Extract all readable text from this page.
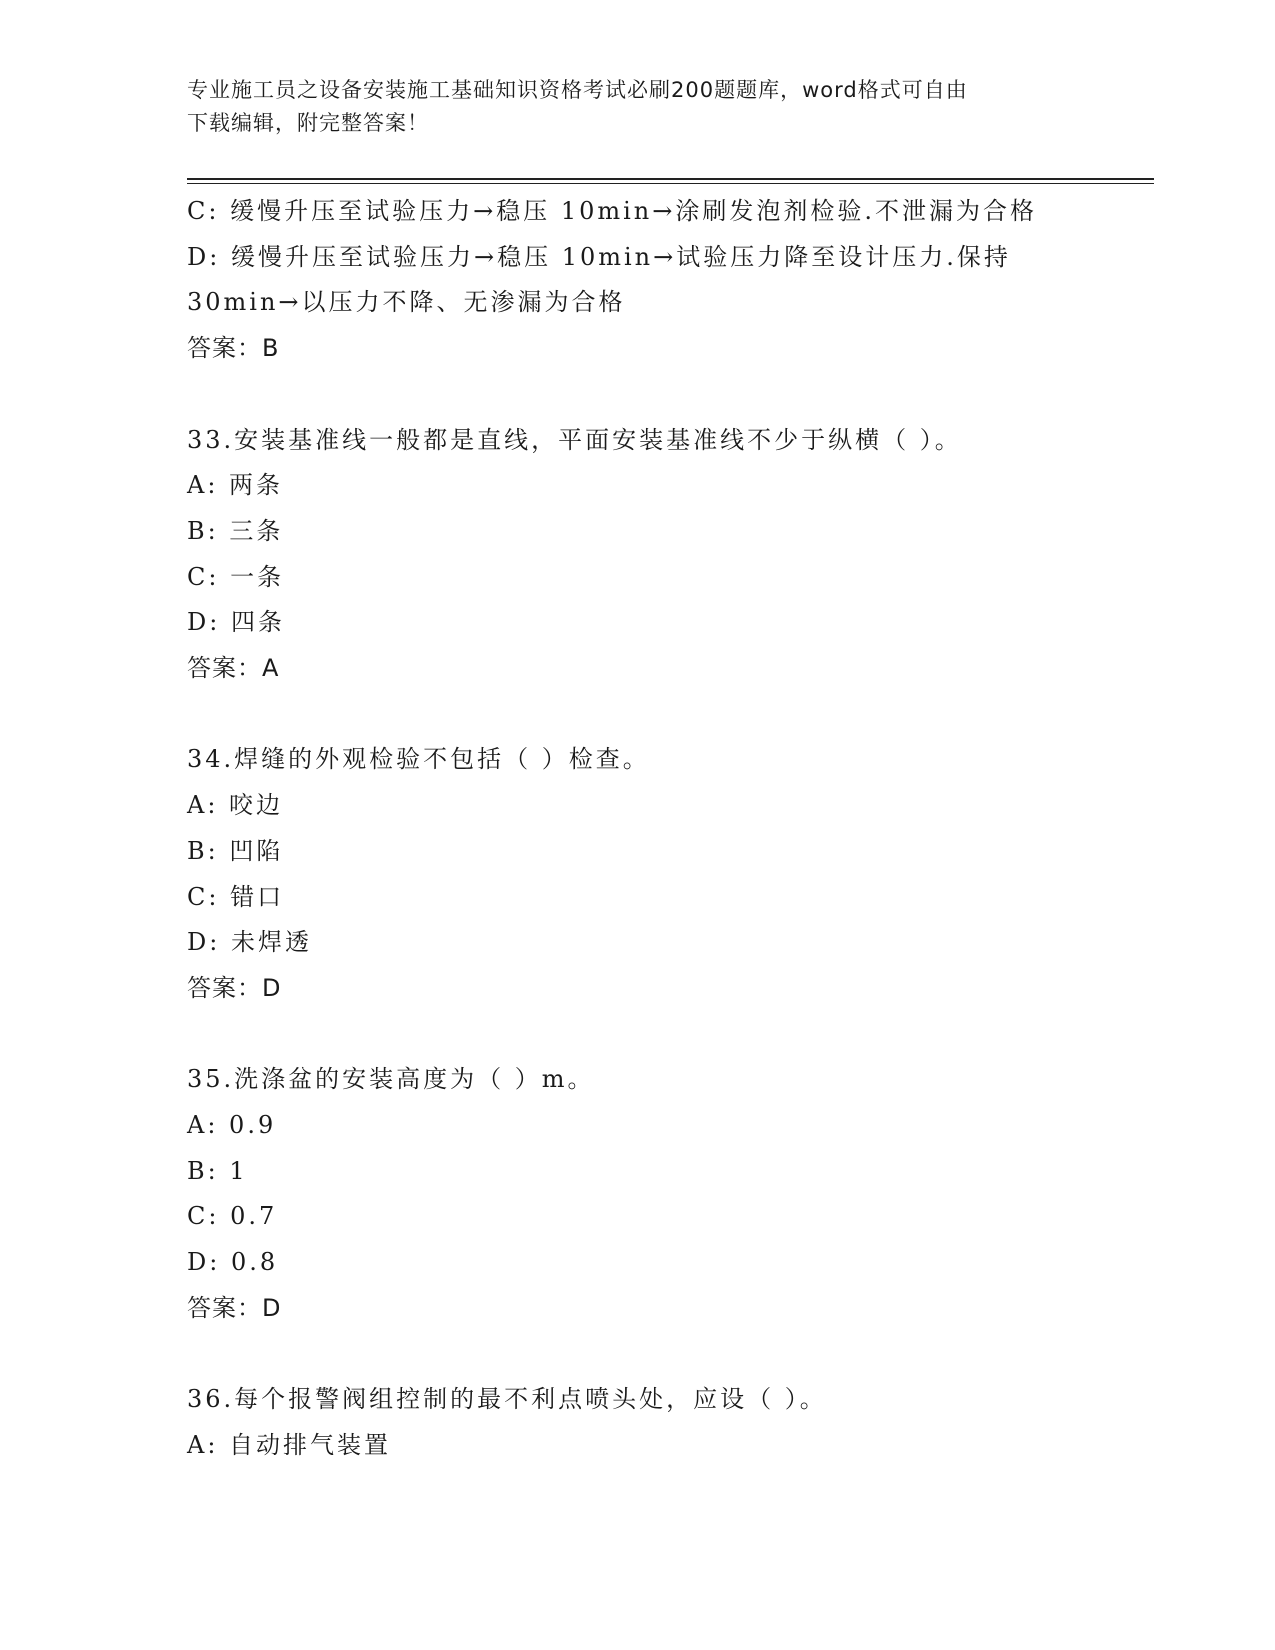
专业施工员之设备安装施工基础知识资格考试必刷200题题库，word格式可自由
下载编辑，附完整答案！
C: 缓慢升压至试验压力→稳压 10min→涂刷发泡剂检验.不泄漏为合格
D: 缓慢升压至试验压力→稳压 10min→试验压力降至设计压力.保持
30min→以压力不降、无渗漏为合格
答案：B
33.安装基准线一般都是直线，平面安装基准线不少于纵横（ ）。
A: 两条
B: 三条
C: 一条
D: 四条
答案：A
34.焊缝的外观检验不包括（ ）检查。
A: 咬边
B: 凹陷
C: 错口
D: 未焊透
答案：D
35.洗涤盆的安装高度为（ ）m。
A: 0.9
B: 1
C: 0.7
D: 0.8
答案：D
36.每个报警阀组控制的最不利点喷头处，应设（ ）。
A: 自动排气装置
